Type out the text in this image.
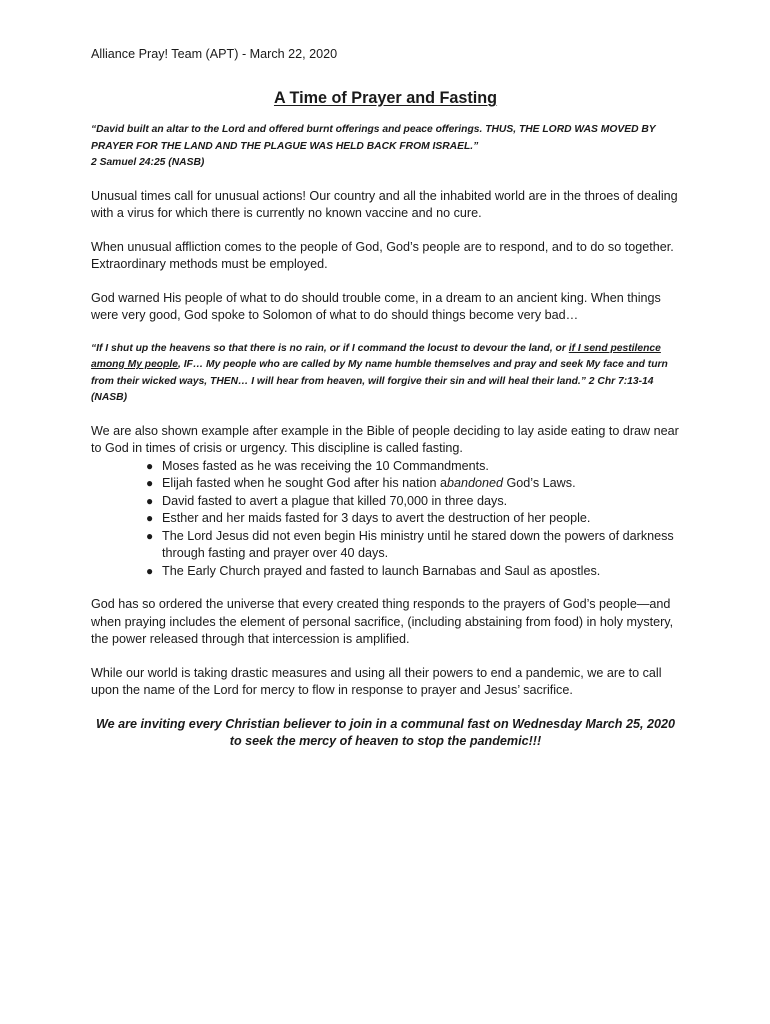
Alliance Pray! Team (APT) - March 22, 2020
A Time of Prayer and Fasting
“David built an altar to the Lord and offered burnt offerings and peace offerings. THUS, THE LORD WAS MOVED BY PRAYER FOR THE LAND AND THE PLAGUE WAS HELD BACK FROM ISRAEL.”
2 Samuel 24:25 (NASB)

Unusual times call for unusual actions! Our country and all the inhabited world are in the throes of dealing with a virus for which there is currently no known vaccine and no cure.

When unusual affliction comes to the people of God, God’s people are to respond, and to do so together. Extraordinary methods must be employed.

God warned His people of what to do should trouble come, in a dream to an ancient king. When things were very good, God spoke to Solomon of what to do should things become very bad…

“If I shut up the heavens so that there is no rain, or if I command the locust to devour the land, or if I send pestilence among My people, IF… My people who are called by My name humble themselves and pray and seek My face and turn from their wicked ways, THEN… I will hear from heaven, will forgive their sin and will heal their land.” 2 Chr 7:13-14 (NASB)

We are also shown example after example in the Bible of people deciding to lay aside eating to draw near to God in times of crisis or urgency. This discipline is called fasting.

● Moses fasted as he was receiving the 10 Commandments.
● Elijah fasted when he sought God after his nation abandoned God’s Laws.
● David fasted to avert a plague that killed 70,000 in three days.
● Esther and her maids fasted for 3 days to avert the destruction of her people.
● The Lord Jesus did not even begin His ministry until he stared down the powers of darkness through fasting and prayer over 40 days.
● The Early Church prayed and fasted to launch Barnabas and Saul as apostles.

God has so ordered the universe that every created thing responds to the prayers of God’s people—and when praying includes the element of personal sacrifice, (including abstaining from food) in holy mystery, the power released through that intercession is amplified.

While our world is taking drastic measures and using all their powers to end a pandemic, we are to call upon the name of the Lord for mercy to flow in response to prayer and Jesus’ sacrifice.

We are inviting every Christian believer to join in a communal fast on Wednesday March 25, 2020 to seek the mercy of heaven to stop the pandemic!!!
